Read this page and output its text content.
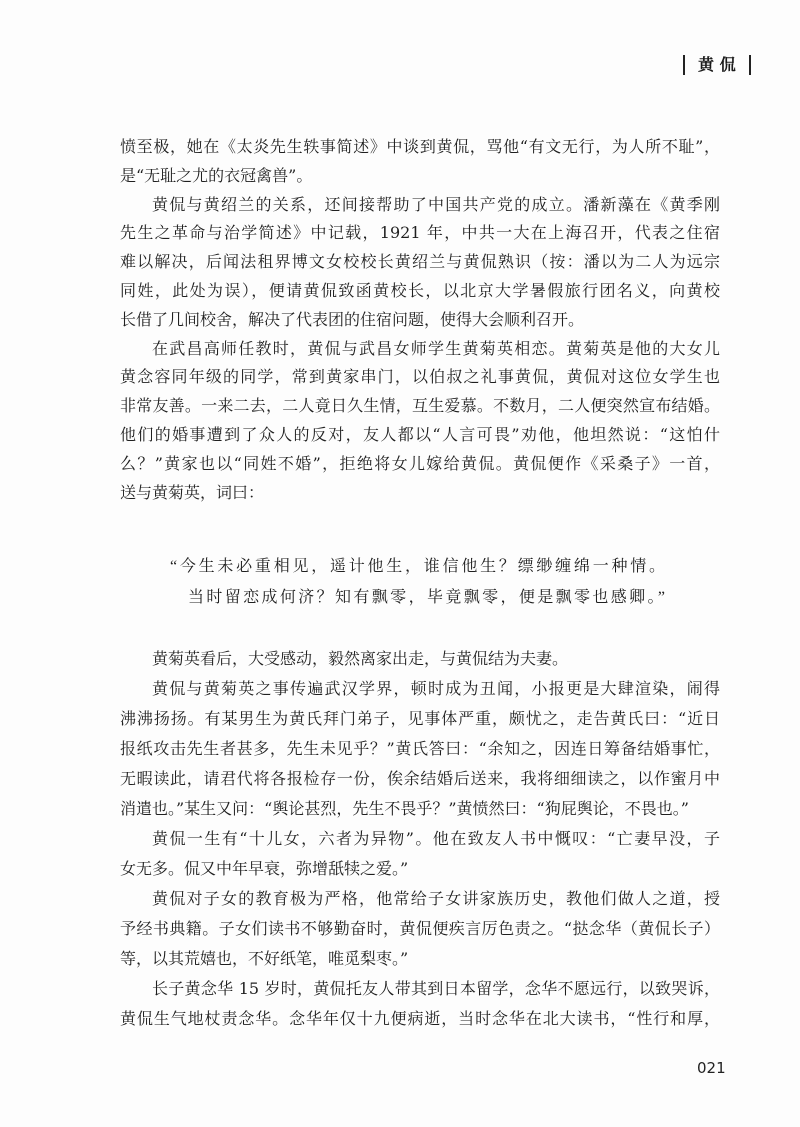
黄 侃
愤至极，她在《太炎先生轶事简述》中谈到黄侃，骂他“有文无行，为人所不耻”，
是“无耻之尤的衣冠禽兽”。
黄侃与黄绍兰的关系，还间接帮助了中国共产党的成立。潘新藻在《黄季刚
先生之革命与治学简述》中记载，1921 年，中共一大在上海召开，代表之住宿
难以解决，后闻法租界博文女校校长黄绍兰与黄侃熟识（按：潘以为二人为远宗
同姓，此处为误），便请黄侃致函黄校长，以北京大学暑假旅行团名义，向黄校
长借了几间校舍，解决了代表团的住宿问题，使得大会顺利召开。
在武昌高师任教时，黄侃与武昌女师学生黄菊英相恋。黄菊英是他的大女儿
黄念容同年级的同学，常到黄家串门，以伯叔之礼事黄侃，黄侃对这位女学生也
非常友善。一来二去，二人竟日久生情，互生爱慕。不数月，二人便突然宣布结婚。
他们的婚事遭到了众人的反对，友人都以“人言可畏”劝他，他坦然说：“这怕什
么？”黄家也以“同姓不婚”，拒绝将女儿嫁给黄侃。黄侃便作《采桑子》一首，
送与黄菊英，词曰：
“今生未必重相见，遥计他生，谁信他生？缥缈缠绵一种情。
当时留恋成何济？知有飘零，毕竟飘零，便是飘零也感卿。”
黄菊英看后，大受感动，毅然离家出走，与黄侃结为夫妻。
黄侃与黄菊英之事传遍武汉学界，顿时成为丑闻，小报更是大肆渲染，闹得
沸沸扬扬。有某男生为黄氏拜门弟子，见事体严重，颇忧之，走告黄氏曰：“近日
报纸攻击先生者甚多，先生未见乎？”黄氏答曰：“余知之，因连日筹备结婚事忙，
无暇读此，请君代将各报检存一份，俟余结婚后送来，我将细细读之，以作蜜月中
消遣也。”某生又问：“舆论甚烈，先生不畏乎？”黄愤然曰：“狗屁舆论，不畏也。”
黄侃一生有“十儿女，六者为异物”。他在致友人书中慨叹：“亡妻早没，子
女无多。侃又中年早衰，弥增舐犊之爱。”
黄侃对子女的教育极为严格，他常给子女讲家族历史，教他们做人之道，授
予经书典籍。子女们读书不够勤奋时，黄侃便疾言厉色责之。“挞念华（黄侃长子）
等，以其荒嬉也，不好纸笔，唯觅梨枣。”
长子黄念华 15 岁时，黄侃托友人带其到日本留学，念华不愿远行，以致哭诉，
黄侃生气地杖责念华。念华年仅十九便病逝，当时念华在北大读书，“性行和厚，
021
